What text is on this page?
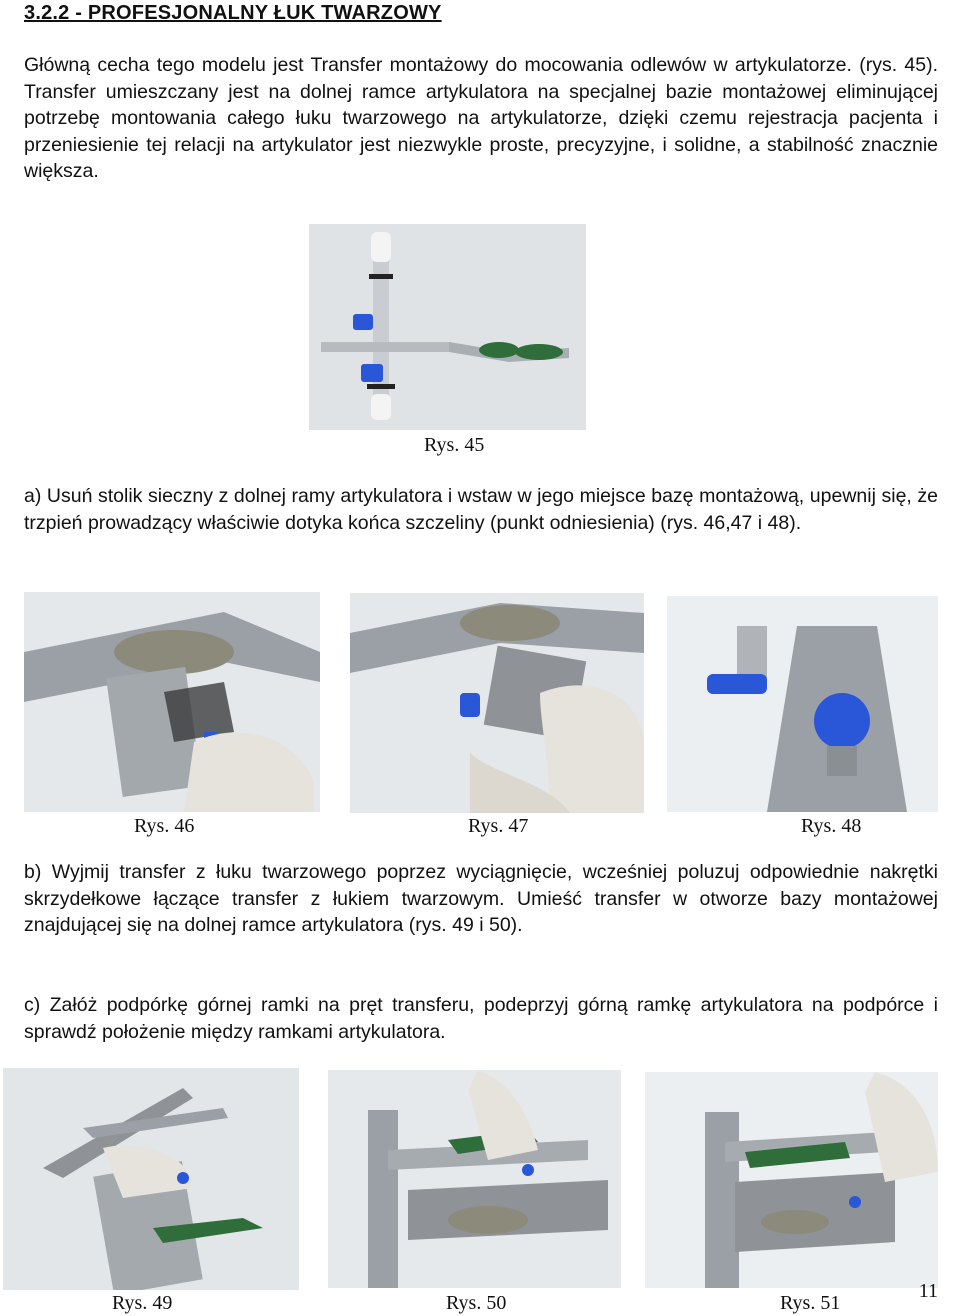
3.2.2 - PROFESJONALNY ŁUK TWARZOWY

Główną cecha tego modelu jest Transfer montażowy do mocowania odlewów w artykulatorze. (rys. 45). Transfer umieszczany jest na dolnej ramce artykulatora na specjalnej bazie montażowej eliminującej potrzebę montowania całego łuku twarzowego na artykulatorze, dzięki czemu rejestracja pacjenta i przeniesienie tej relacji na artykulator jest niezwykle proste, precyzyjne, i solidne, a stabilność znacznie większa.

Rys. 45

a) Usuń stolik sieczny z dolnej ramy artykulatora i wstaw w jego miejsce bazę montażową, upewnij się, że trzpień prowadzący właściwie dotyka końca szczeliny (punkt odniesienia) (rys. 46,47 i 48).

Rys. 46	Rys. 47	Rys. 48

b) Wyjmij transfer z łuku twarzowego poprzez wyciągnięcie, wcześniej poluzuj odpowiednie nakrętki skrzydełkowe łączące transfer z łukiem twarzowym. Umieść transfer w otworze bazy montażowej znajdującej się na dolnej ramce artykulatora (rys. 49 i 50).

c) Załóż podpórkę górnej ramki na pręt transferu, podeprzyj górną ramkę artykulatora na podpórce i sprawdź położenie między ramkami artykulatora.

Rys. 49	Rys. 50	Rys. 51
11
